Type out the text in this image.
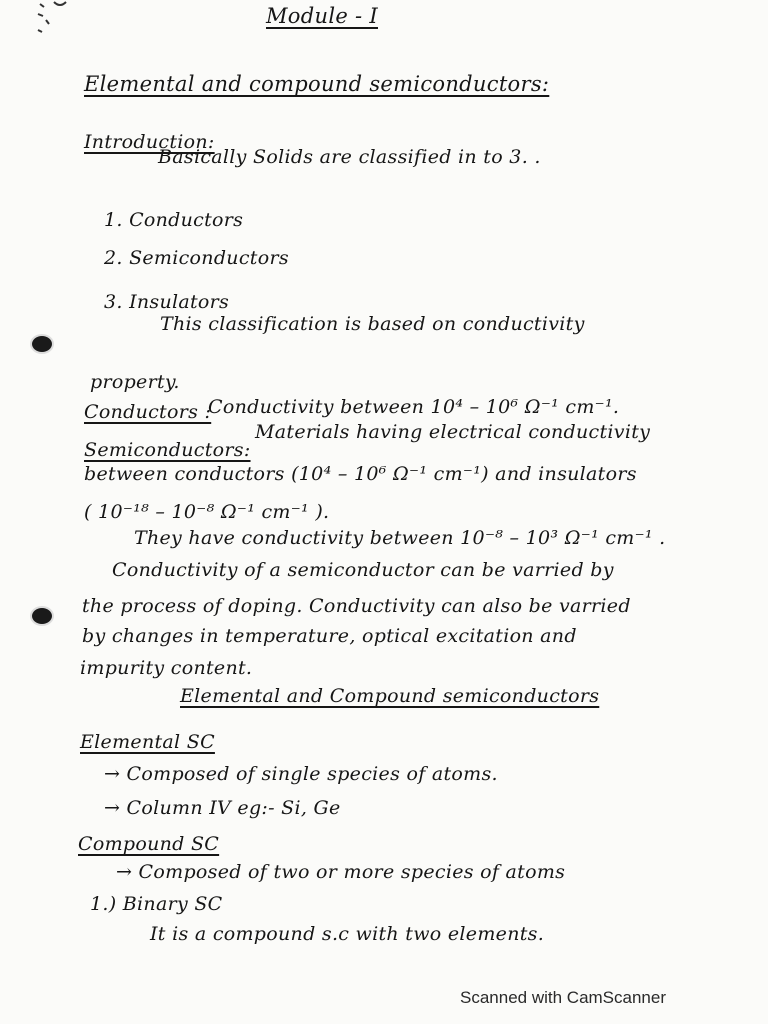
Module - I
Elemental and compound semiconductors:
Introduction:
Basically Solids are classified in to 3. .
1. Conductors
2. Semiconductors
3. Insulators
This classification is based on conductivity
property.
Conductors :
Conductivity between 10⁴ – 10⁶ Ω⁻¹ cm⁻¹.
Semiconductors:
Materials having electrical conductivity
between conductors (10⁴ – 10⁶ Ω⁻¹ cm⁻¹) and insulators
( 10⁻¹⁸ – 10⁻⁸ Ω⁻¹ cm⁻¹ ).
They have conductivity between 10⁻⁸ – 10³ Ω⁻¹ cm⁻¹ .
Conductivity of a semiconductor can be varried by
the process of doping. Conductivity can also be varried
by changes in temperature, optical excitation and
impurity content.
Elemental and Compound semiconductors
Elemental SC
→ Composed of single species of atoms.
→ Column IV eg:- Si, Ge
Compound SC
→ Composed of two or more species of atoms
1.) Binary SC
It is a compound s.c with two elements.
Scanned with CamScanner
